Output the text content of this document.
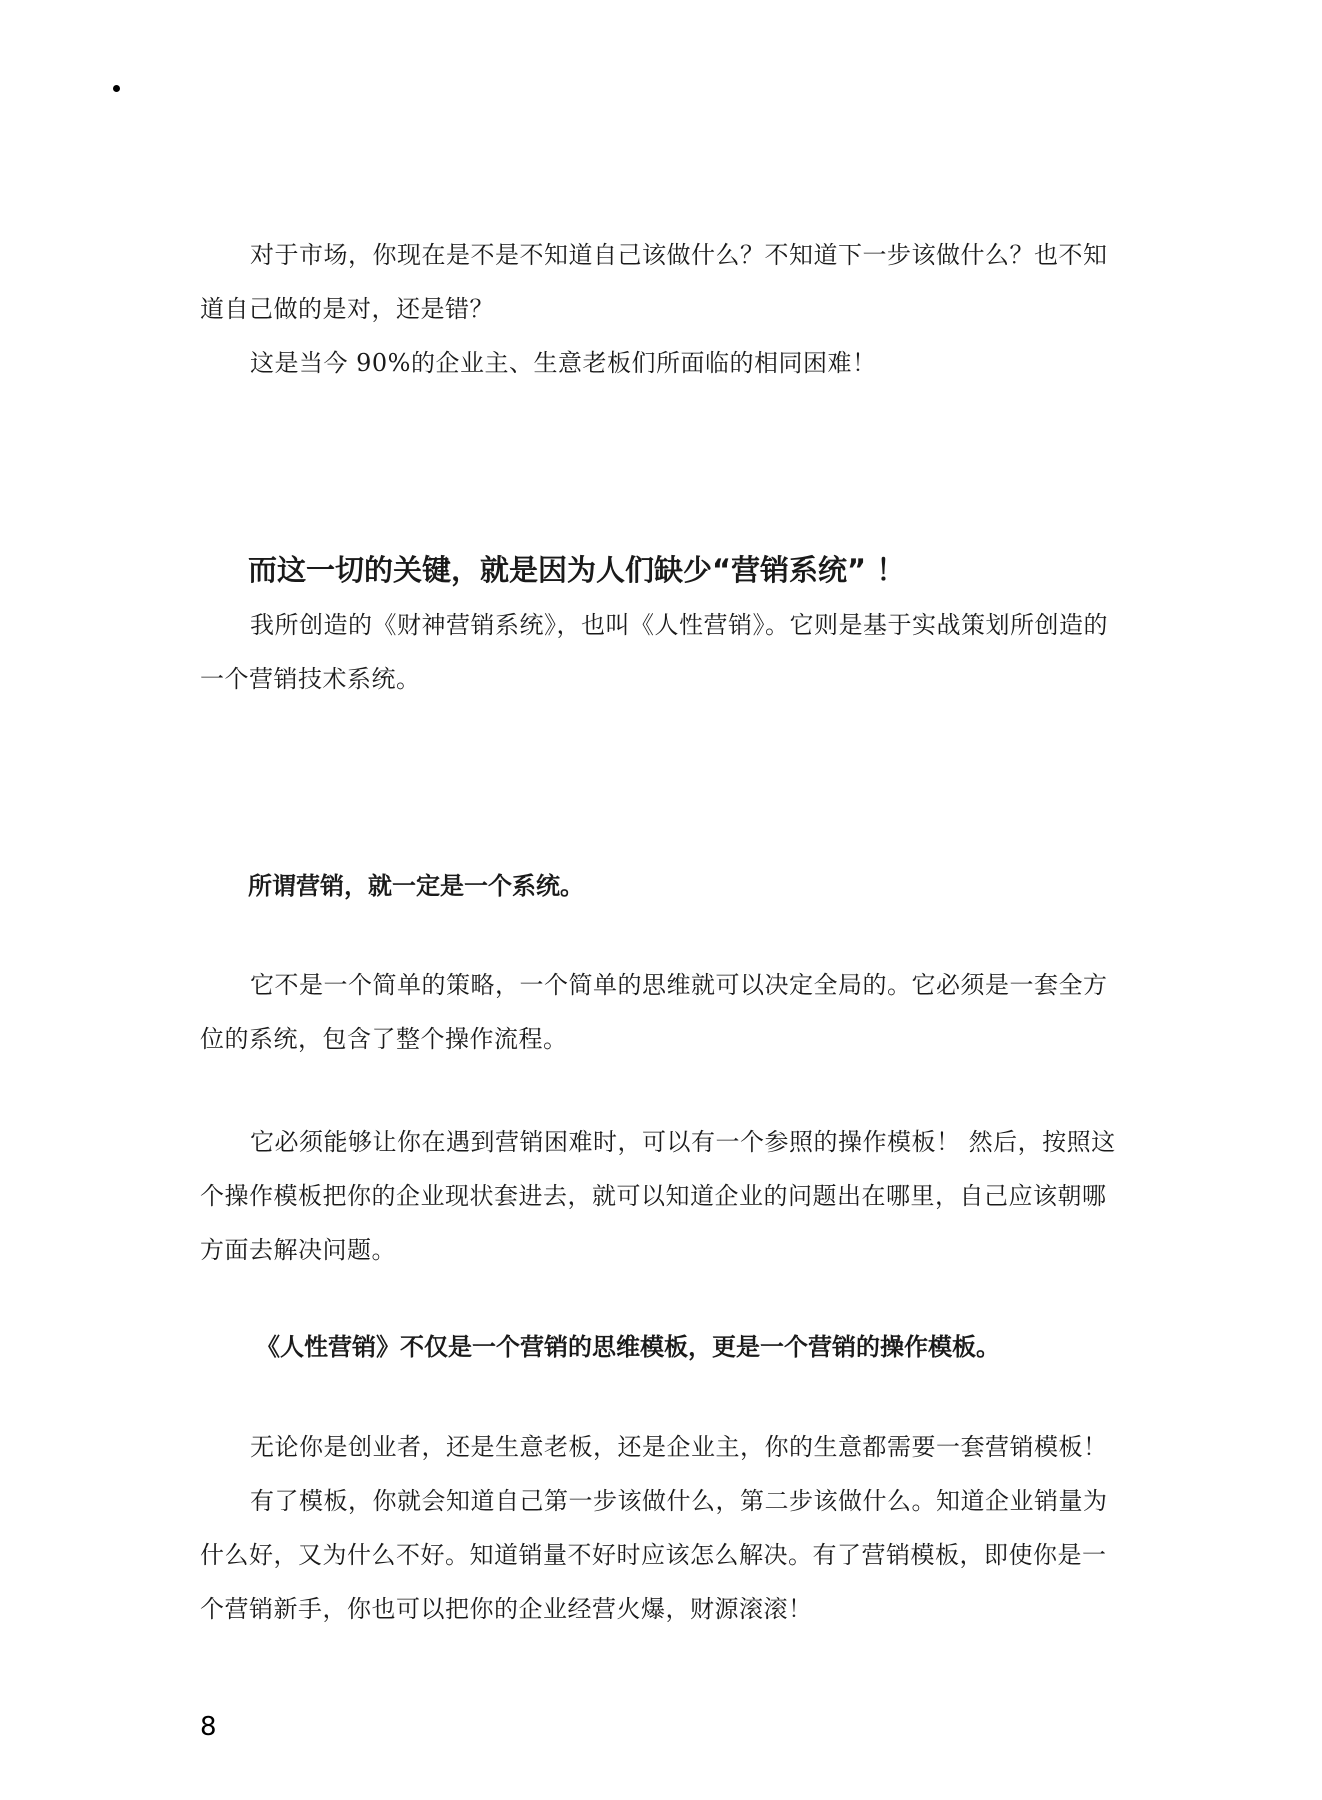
对于市场，你现在是不是不知道自己该做什么？不知道下一步该做什么？也不知道自己做的是对，还是错？

这是当今 90%的企业主、生意老板们所面临的相同困难！

而这一切的关键，就是因为人们缺少“营销系统” ！

我所创造的《财神营销系统》，也叫《人性营销》。它则是基于实战策划所创造的一个营销技术系统。

所谓营销，就一定是一个系统。

它不是一个简单的策略，一个简单的思维就可以决定全局的。它必须是一套全方位的系统，包含了整个操作流程。

它必须能够让你在遇到营销困难时，可以有一个参照的操作模板！ 然后，按照这个操作模板把你的企业现状套进去，就可以知道企业的问题出在哪里，自己应该朝哪方面去解决问题。

《人性营销》不仅是一个营销的思维模板，更是一个营销的操作模板。

无论你是创业者，还是生意老板，还是企业主，你的生意都需要一套营销模板！

有了模板，你就会知道自己第一步该做什么，第二步该做什么。知道企业销量为什么好，又为什么不好。知道销量不好时应该怎么解决。有了营销模板，即使你是一个营销新手，你也可以把你的企业经营火爆，财源滚滚！

8
